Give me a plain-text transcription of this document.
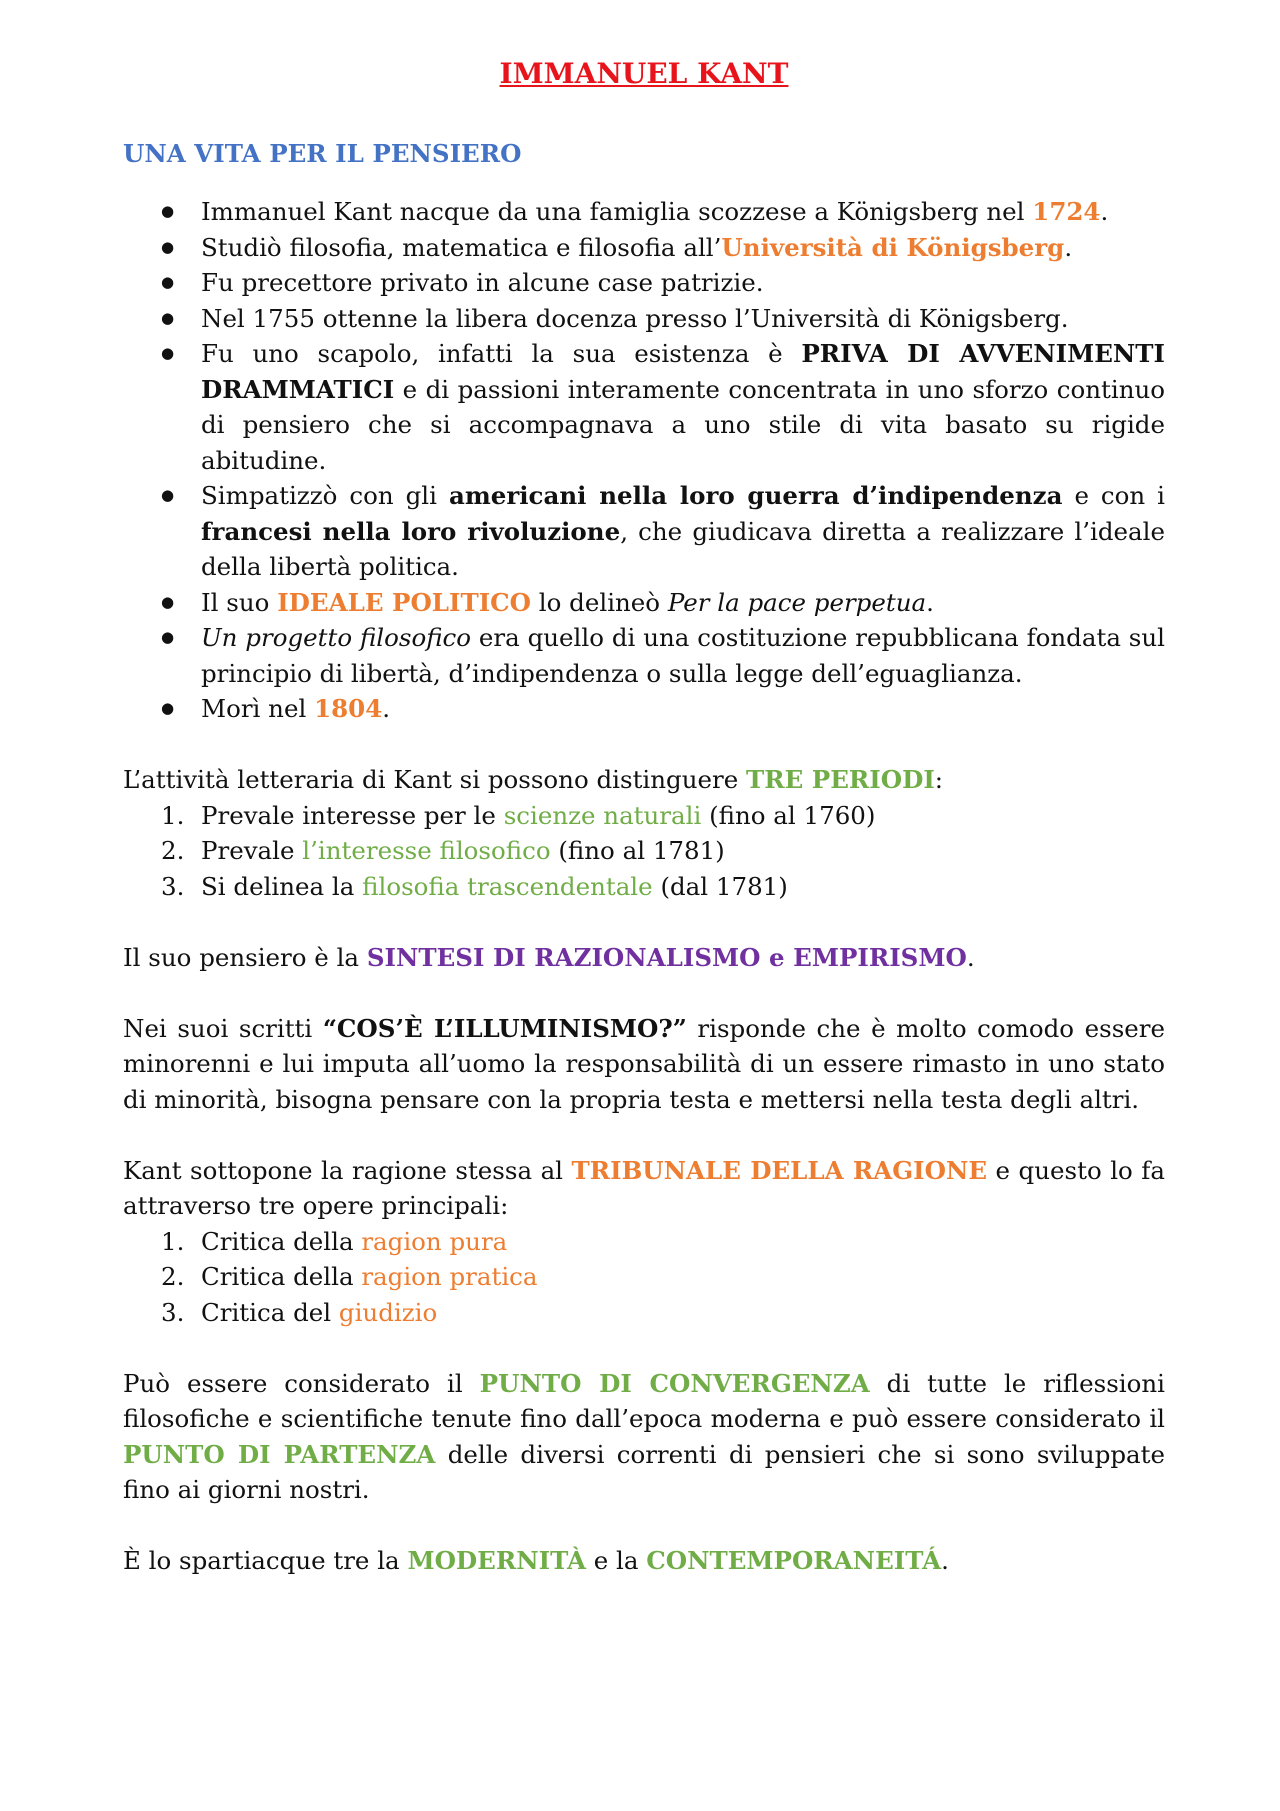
IMMANUEL KANT
UNA VITA PER IL PENSIERO
● Immanuel Kant nacque da una famiglia scozzese a Königsberg nel 1724.
● Studiò filosofia, matematica e filosofia all’Università di Königsberg.
● Fu precettore privato in alcune case patrizie.
● Nel 1755 ottenne la libera docenza presso l’Università di Königsberg.
● Fu uno scapolo, infatti la sua esistenza è PRIVA DI AVVENIMENTI DRAMMATICI e di passioni interamente concentrata in uno sforzo continuo di pensiero che si accompagnava a uno stile di vita basato su rigide abitudine.
● Simpatizzò con gli americani nella loro guerra d’indipendenza e con i francesi nella loro rivoluzione, che giudicava diretta a realizzare l’ideale della libertà politica.
● Il suo IDEALE POLITICO lo delineò Per la pace perpetua.
● Un progetto filosofico era quello di una costituzione repubblicana fondata sul principio di libertà, d’indipendenza o sulla legge dell’eguaglianza.
● Morì nel 1804.

L’attività letteraria di Kant si possono distinguere TRE PERIODI:

1. Prevale interesse per le scienze naturali (fino al 1760)
2. Prevale l’interesse filosofico (fino al 1781)
3. Si delinea la filosofia trascendentale (dal 1781)

Il suo pensiero è la SINTESI DI RAZIONALISMO e EMPIRISMO.

Nei suoi scritti “COS’È L’ILLUMINISMO?” risponde che è molto comodo essere minorenni e lui imputa all’uomo la responsabilità di un essere rimasto in uno stato di minorità, bisogna pensare con la propria testa e mettersi nella testa degli altri.

Kant sottopone la ragione stessa al TRIBUNALE DELLA RAGIONE e questo lo fa attraverso tre opere principali:

1. Critica della ragion pura
2. Critica della ragion pratica
3. Critica del giudizio

Può essere considerato il PUNTO DI CONVERGENZA di tutte le riflessioni filosofiche e scientifiche tenute fino dall’epoca moderna e può essere considerato il PUNTO DI PARTENZA delle diversi correnti di pensieri che si sono sviluppate fino ai giorni nostri.

È lo spartiacque tre la MODERNITÀ e la CONTEMPORANEITÁ.
